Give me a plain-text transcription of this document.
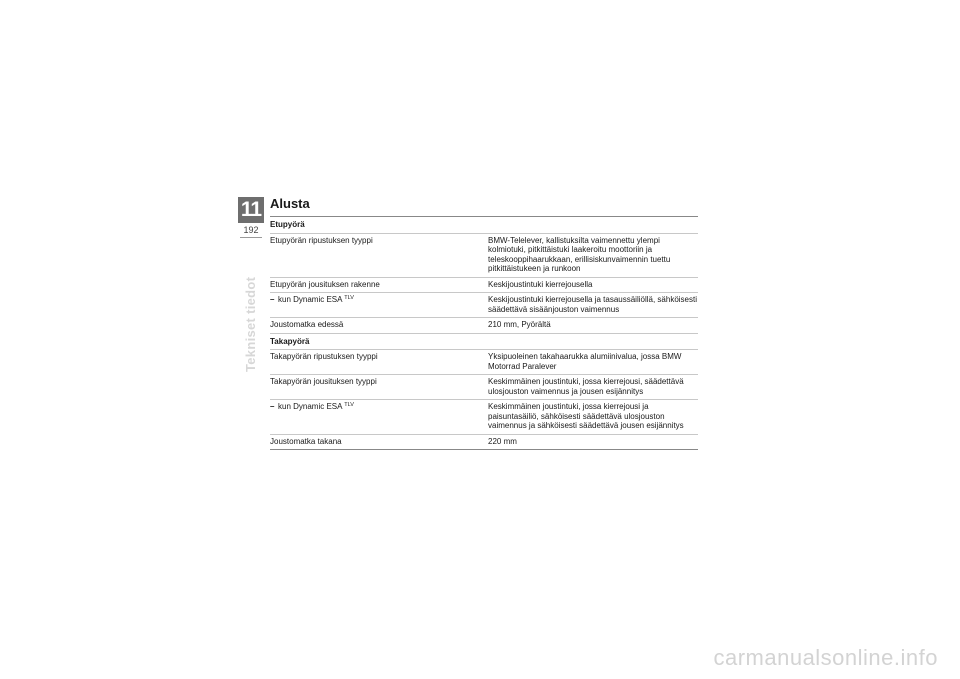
11
192
Tekniset tiedot
Alusta
Etupyörä	
Etupyörän ripustuksen tyyppi	BMW-Telelever, kallistuksilta vaimennettu ylempi kolmiotuki, pitkittäistuki laakeroitu moottoriin ja teleskooppihaarukkaan, erillisiskunvaimennin tuettu pitkittäistukeen ja runkoon
Etupyörän jousituksen rakenne	Keskijoustintuki kierrejousella
– kun Dynamic ESA $^{TLV}$	Keskijoustintuki kierrejousella ja tasaussäiliöllä, sähköisesti säädettävä sisäänjouston vaimennus
Joustomatka edessä	210 mm, Pyörältä
Takapyörä	
Takapyörän ripustuksen tyyppi	Yksipuoleinen takahaarukka alumiinivalua, jossa BMW Motorrad Paralever
Takapyörän jousituksen tyyppi	Keskimmäinen joustintuki, jossa kierrejousi, säädettävä ulosjouston vaimennus ja jousen esijännitys
– kun Dynamic ESA $^{TLV}$	Keskimmäinen joustintuki, jossa kierrejousi ja paisuntasäiliö, sähköisesti säädettävä ulosjouston vaimennus ja sähköisesti säädettävä jousen esijännitys
Joustomatka takana	220 mm
carmanualsonline.info
